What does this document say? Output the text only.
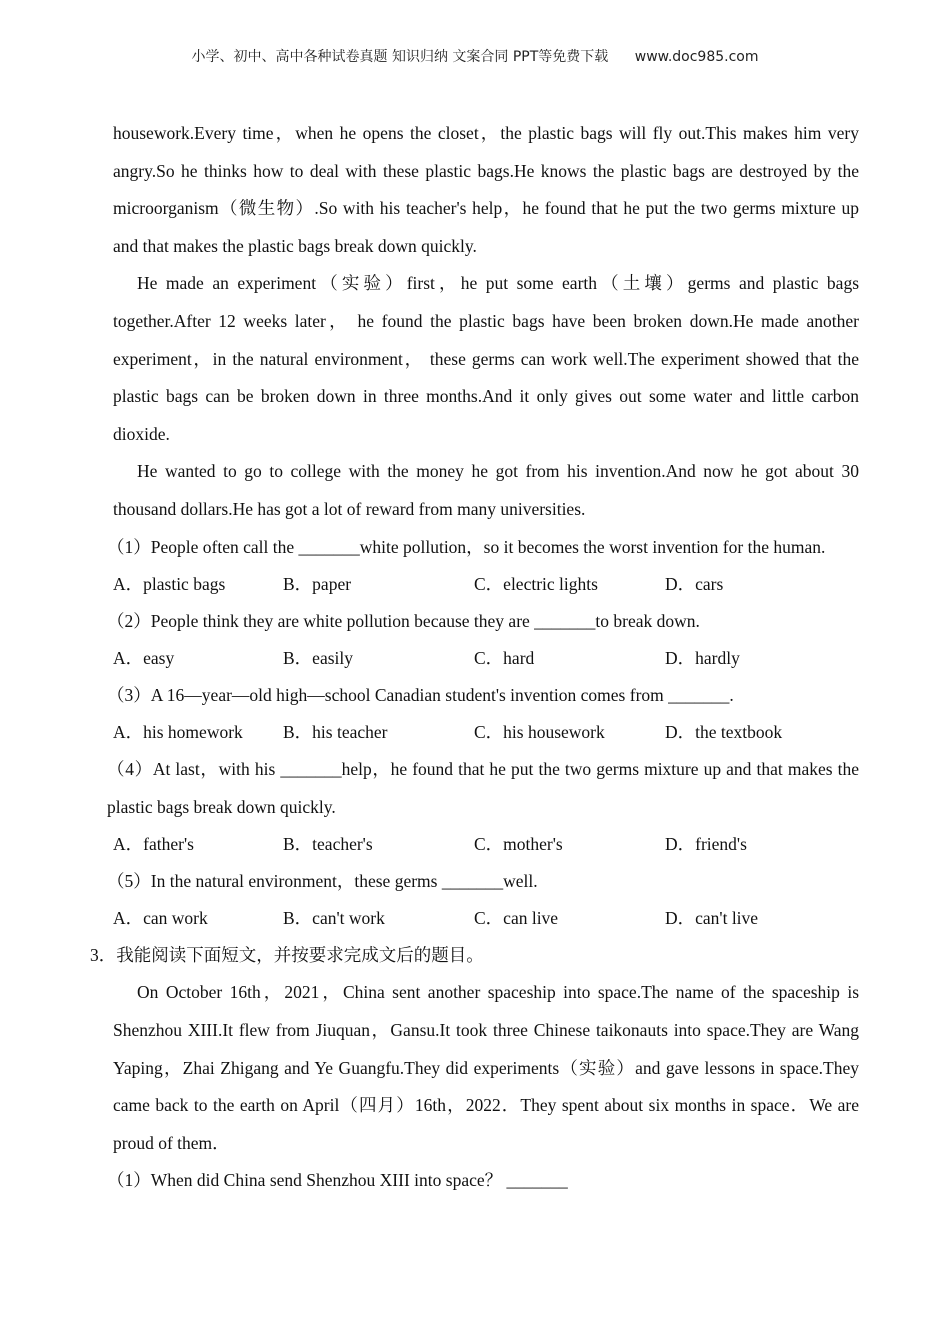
小学、初中、高中各种试卷真题 知识归纳 文案合同 PPT等免费下载 www.doc985.com

housework.Every time，when he opens the closet，the plastic bags will fly out.This makes him very angry.So he thinks how to deal with these plastic bags.He knows the plastic bags are destroyed by the microorganism（微生物）.So with his teacher's help，he found that he put the two germs mixture up and that makes the plastic bags break down quickly.

He made an experiment（实验）first，he put some earth（土壤）germs and plastic bags together.After 12 weeks later， he found the plastic bags have been broken down.He made another experiment，in the natural environment， these germs can work well.The experiment showed that the plastic bags can be broken down in three months.And it only gives out some water and little carbon dioxide.

He wanted to go to college with the money he got from his invention.And now he got about 30 thousand dollars.He has got a lot of reward from many universities.

（1）People often call the _______white pollution，so it becomes the worst invention for the human.

A．plastic bags	B．paper	C．electric lights	D．cars

（2）People think they are white pollution because they are _______to break down.

A．easy	B．easily	C．hard	D．hardly

（3）A 16—year—old high—school Canadian student's invention comes from _______.

A．his homework	B．his teacher	C．his housework	D．the textbook

（4）At last，with his _______help，he found that he put the two germs mixture up and that makes the plastic bags break down quickly.

A．father's	B．teacher's	C．mother's	D．friend's

（5）In the natural environment，these germs _______well.

A．can work	B．can't work	C．can live	D．can't live

3．我能阅读下面短文，并按要求完成文后的题目。

On October 16th，2021，China sent another spaceship into space.The name of the spaceship is Shenzhou XIII.It flew from Jiuquan，Gansu.It took three Chinese taikonauts into space.They are Wang Yaping，Zhai Zhigang and Ye Guangfu.They did experiments（实验）and gave lessons in space.They came back to the earth on April（四月）16th，2022．They spent about six months in space．We are proud of them．

（1）When did China send Shenzhou XIII into space？ _______
